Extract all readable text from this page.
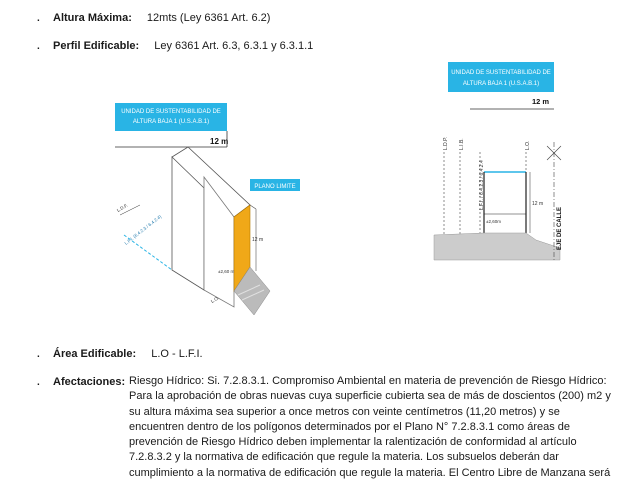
. Altura Máxima: 12mts (Ley 6361 Art. 6.2)
. Perfil Edificable: Ley 6361 Art. 6.3, 6.3.1 y 6.3.1.1
UNIDAD DE SUSTENTABILIDAD DE
ALTURA BAJA 1 (U.S.A.B.1)
12 m
PLANO LIMITE
12 m
±2,60 m
L.F.I. (6.4.2.3 / 6.4.2.4)
L.D.F.
L.O.
UNIDAD DE SUSTENTABILIDAD DE
ALTURA BAJA 1 (U.S.A.B.1)
12 m
L.D.P. L.I.B.
L.F.I. / 6.4.2.3 / 6.4.2.4
L.O.
±2,60m
12 m
EJE DE CALLE
. Área Edificable: L.O - L.F.I.
. Afectaciones: Riesgo Hídrico: Si. 7.2.8.3.1. Compromiso Ambiental en materia de prevención de Riesgo Hídrico:
Para la aprobación de obras nuevas cuya superficie cubierta sea de más de doscientos (200) m2 y
su altura máxima sea superior a once metros con veinte centímetros (11,20 metros) y se
encuentren dentro de los polígonos determinados por el Plano N° 7.2.8.3.1 como áreas de
prevención de Riesgo Hídrico deben implementar la ralentización de conformidad al artículo
7.2.8.3.2 y la normativa de edificación que regule la materia. Los subsuelos deberán dar
cumplimiento a la normativa de edificación que regule la materia. El Centro Libre de Manzana será
